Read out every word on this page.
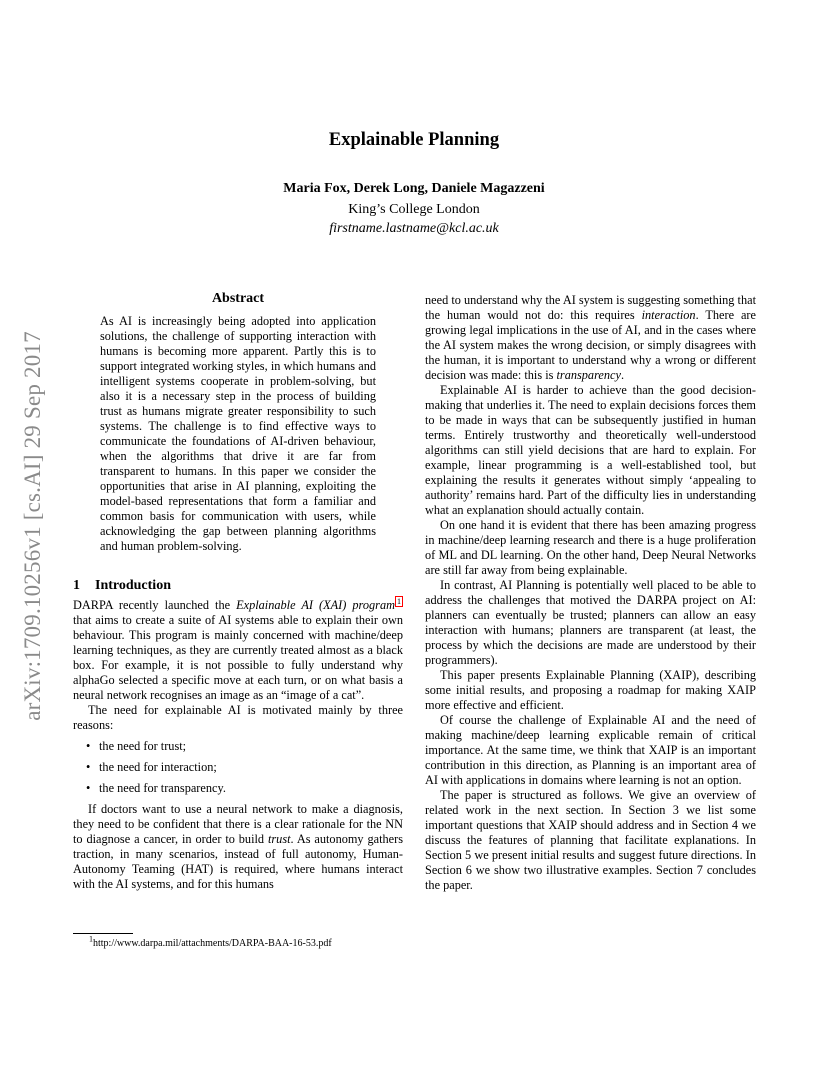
arXiv:1709.10256v1 [cs.AI] 29 Sep 2017
Explainable Planning
Maria Fox, Derek Long, Daniele Magazzeni
King’s College London
firstname.lastname@kcl.ac.uk
Abstract
As AI is increasingly being adopted into application solutions, the challenge of supporting interaction with humans is becoming more apparent. Partly this is to support integrated working styles, in which humans and intelligent systems cooperate in problem-solving, but also it is a necessary step in the process of building trust as humans migrate greater responsibility to such systems. The challenge is to find effective ways to communicate the foundations of AI-driven behaviour, when the algorithms that drive it are far from transparent to humans. In this paper we consider the opportunities that arise in AI planning, exploiting the model-based representations that form a familiar and common basis for communication with users, while acknowledging the gap between planning algorithms and human problem-solving.
1 Introduction

DARPA recently launched the Explainable AI (XAI) program $^1$ that aims to create a suite of AI systems able to explain their own behaviour. This program is mainly concerned with machine/deep learning techniques, as they are currently treated almost as a black box. For example, it is not possible to fully understand why alphaGo selected a specific move at each turn, or on what basis a neural network recognises an image as an “image of a cat”.

The need for explainable AI is motivated mainly by three reasons:

• the need for trust;
• the need for interaction;
• the need for transparency.

If doctors want to use a neural network to make a diagnosis, they need to be confident that there is a clear rationale for the NN to diagnose a cancer, in order to build trust. As autonomy gathers traction, in many scenarios, instead of full autonomy, Human-Autonomy Teaming (HAT) is required, where humans interact with the AI systems, and for this humans

need to understand why the AI system is suggesting something that the human would not do: this requires interaction. There are growing legal implications in the use of AI, and in the cases where the AI system makes the wrong decision, or simply disagrees with the human, it is important to understand why a wrong or different decision was made: this is transparency.

Explainable AI is harder to achieve than the good decision-making that underlies it. The need to explain decisions forces them to be made in ways that can be subsequently justified in human terms. Entirely trustworthy and theoretically well-understood algorithms can still yield decisions that are hard to explain. For example, linear programming is a well-established tool, but explaining the results it generates without simply ‘appealing to authority’ remains hard. Part of the difficulty lies in understanding what an explanation should actually contain.

On one hand it is evident that there has been amazing progress in machine/deep learning research and there is a huge proliferation of ML and DL learning. On the other hand, Deep Neural Networks are still far away from being explainable.

In contrast, AI Planning is potentially well placed to be able to address the challenges that motived the DARPA project on AI: planners can eventually be trusted; planners can allow an easy interaction with humans; planners are transparent (at least, the process by which the decisions are made are understood by their programmers).

This paper presents Explainable Planning (XAIP), describing some initial results, and proposing a roadmap for making XAIP more effective and efficient.

Of course the challenge of Explainable AI and the need of making machine/deep learning explicable remain of critical importance. At the same time, we think that XAIP is an important contribution in this direction, as Planning is an important area of AI with applications in domains where learning is not an option.

The paper is structured as follows. We give an overview of related work in the next section. In Section 3 we list some important questions that XAIP should address and in Section 4 we discuss the features of planning that facilitate explanations. In Section 5 we present initial results and suggest future directions. In Section 6 we show two illustrative examples. Section 7 concludes the paper.

$^1$http://www.darpa.mil/attachments/DARPA-BAA-16-53.pdf
